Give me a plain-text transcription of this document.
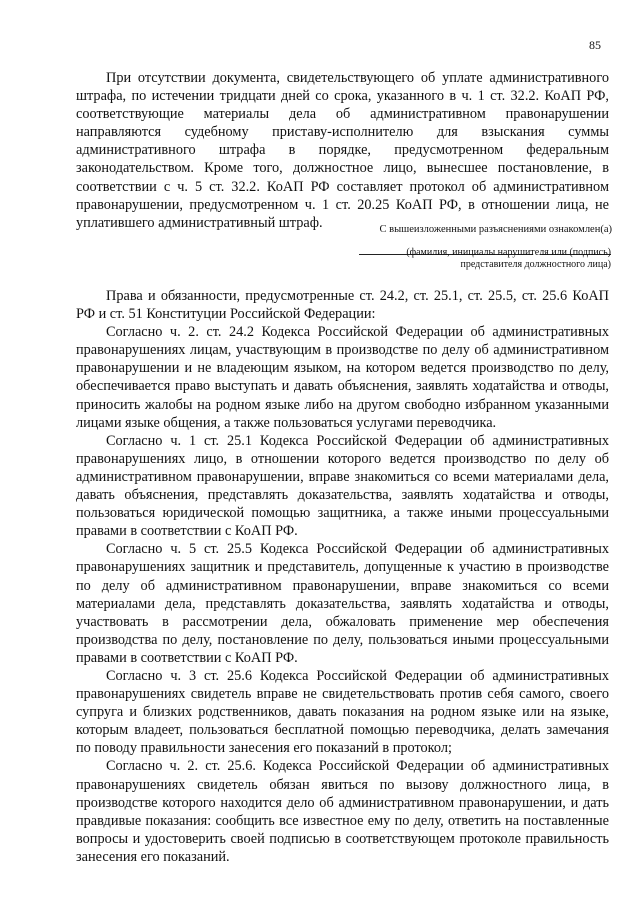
85

При отсутствии документа, свидетельствующего об уплате административного штрафа, по истечении тридцати дней со срока, указанного в ч. 1 ст. 32.2. КоАП РФ, соответствующие материалы дела об административном правонарушении направляются судебному приставу-исполнителю для взыскания суммы административного штрафа в порядке, предусмотренном федеральным законодательством. Кроме того, должностное лицо, вынесшее постановление, в соответствии с ч. 5 ст. 32.2. КоАП РФ составляет протокол об административном правонарушении, предусмотренном ч. 1 ст. 20.25 КоАП РФ, в отношении лица, не уплатившего административный штраф.	С вышеизложенными разъяснениями ознакомлен(а)
(фамилия, инициалы нарушителя или (подпись)
представителя должностного лица)

Права и обязанности, предусмотренные ст. 24.2, ст. 25.1, ст. 25.5, ст. 25.6 КоАП РФ и ст. 51 Конституции Российской Федерации:

Согласно ч. 2. ст. 24.2 Кодекса Российской Федерации об административных правонарушениях лицам, участвующим в производстве по делу об административном правонарушении и не владеющим языком, на котором ведется производство по делу, обеспечивается право выступать и давать объяснения, заявлять ходатайства и отводы, приносить жалобы на родном языке либо на другом свободно избранном указанными лицами языке общения, а также пользоваться услугами переводчика.

Согласно ч. 1 ст. 25.1 Кодекса Российской Федерации об административных правонарушениях лицо, в отношении которого ведется производство по делу об административном правонарушении, вправе знакомиться со всеми материалами дела, давать объяснения, представлять доказательства, заявлять ходатайства и отводы, пользоваться юридической помощью защитника, а также иными процессуальными правами в соответствии с КоАП РФ.

Согласно ч. 5 ст. 25.5 Кодекса Российской Федерации об административных правонарушениях защитник и представитель, допущенные к участию в производстве по делу об административном правонарушении, вправе знакомиться со всеми материалами дела, представлять доказательства, заявлять ходатайства и отводы, участвовать в рассмотрении дела, обжаловать применение мер обеспечения производства по делу, постановление по делу, пользоваться иными процессуальными правами в соответствии с КоАП РФ.

Согласно ч. 3 ст. 25.6 Кодекса Российской Федерации об административных правонарушениях свидетель вправе не свидетельствовать против себя самого, своего супруга и близких родственников, давать показания на родном языке или на языке, которым владеет, пользоваться бесплатной помощью переводчика, делать замечания по поводу правильности занесения его показаний в протокол;

Согласно ч. 2. ст. 25.6. Кодекса Российской Федерации об административных правонарушениях свидетель обязан явиться по вызову должностного лица, в производстве которого находится дело об административном правонарушении, и дать правдивые показания: сообщить все известное ему по делу, ответить на поставленные вопросы и удостоверить своей подписью в соответствующем протоколе правильность занесения его показаний.
